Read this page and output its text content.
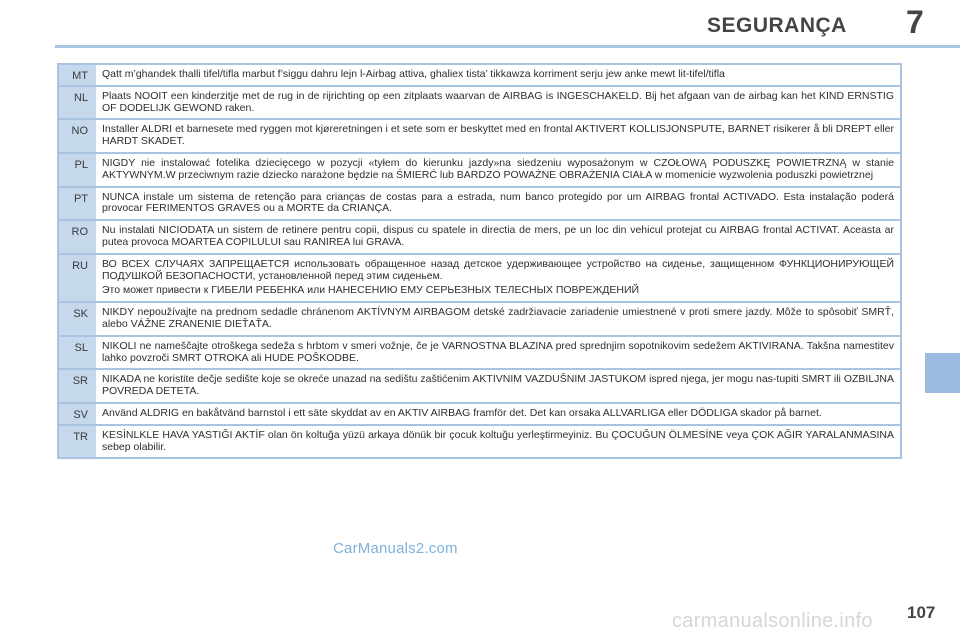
SEGURANÇA 7
MT	Qatt m’ghandek thalli tifel/tifla marbut f’siggu dahru lejn l-Airbag attiva, ghaliex tista’ tikkawza korriment serju jew anke mewt lit-tifel/tifla
NL	Plaats NOOIT een kinderzitje met de rug in de rijrichting op een zitplaats waarvan de AIRBAG is INGESCHAKELD. Bij het afgaan van de airbag kan het KIND ERNSTIG OF DODELIJK GEWOND raken.
NO	Installer ALDRI et barnesete med ryggen mot kjøreretningen i et sete som er beskyttet med en frontal AKTIVERT KOLLISJONSPUTE, BARNET risikerer å bli DREPT eller HARDT SKADET.
PL	NIGDY nie instalować fotelika dziecięcego w pozycji «tyłem do kierunku jazdy»na siedzeniu wyposażonym w CZOŁOWĄ PODUSZKĘ POWIETRZNĄ w stanie AKTYWNYM.W przeciwnym razie dziecko narażone będzie na ŚMIERĆ lub BARDZO POWAŻNE OBRAŻENIA CIAŁA w momenicie wyzwolenia poduszki powietrznej
PT	NUNCA instale um sistema de retenção para crianças de costas para a estrada, num banco protegido por um AIRBAG frontal ACTIVADO. Esta instalação poderá provocar FERIMENTOS GRAVES ou a MORTE da CRIANÇA.
RO	Nu instalati NICIODATA un sistem de retinere pentru copii, dispus cu spatele in directia de mers, pe un loc din vehicul protejat cu AIRBAG frontal ACTIVAT. Aceasta ar putea provoca MOARTEA COPILULUI sau RANIREA lui GRAVA.
RU	ВО ВСЕХ СЛУЧАЯХ ЗАПРЕЩАЕТСЯ использовать обращенное назад детское удерживающее устройство на сиденье, защищенном ФУНКЦИОНИРУЮЩЕЙ ПОДУШКОЙ БЕЗОПАСНОСТИ, установленной перед этим сиденьем.
Это может привести к ГИБЕЛИ РЕБЕНКА или НАНЕСЕНИЮ ЕМУ СЕРЬЕЗНЫХ ТЕЛЕСНЫХ ПОВРЕЖДЕНИЙ
SK	NIKDY nepoužívajte na prednom sedadle chránenom AKTÍVNYM AIRBAGOM detské zadržiavacie zariadenie umiestnené v proti smere jazdy. Môže to spôsobiť SMRŤ, alebo VÁŽNE ZRANENIE DIEŤAŤA.
SL	NIKOLI ne nameščajte otroškega sedeža s hrbtom v smeri vožnje, če je VARNOSTNA BLAZINA pred sprednjim sopotnikovim sedežem AKTIVIRANA. Takšna namestitev lahko povzroči SMRT OTROKA ali HUDE POŠKODBE.
SR	NIKADA ne koristite dečje sedište koje se okreće unazad na sedištu zaštićenim AKTIVNIM VAZDUŠNIM JASTUKOM ispred njega, jer mogu nas-tupiti SMRT ili OZBILJNA POVREDA DETETA.
SV	Använd ALDRIG en bakåtvänd barnstol i ett säte skyddat av en AKTIV AIRBAG framför det. Det kan orsaka ALLVARLIGA eller DÖDLIGA skador på barnet.
TR	KESİNLKLE HAVA YASTIĞI AKTİF olan ön koltuğa yüzü arkaya dönük bir çocuk koltuğu yerleştirmeyiniz. Bu ÇOCUĞUN ÖLMESİNE veya ÇOK AĞIR YARALANMASINA sebep olabilir.
CarManuals2.com
carmanualsonline.info 107
